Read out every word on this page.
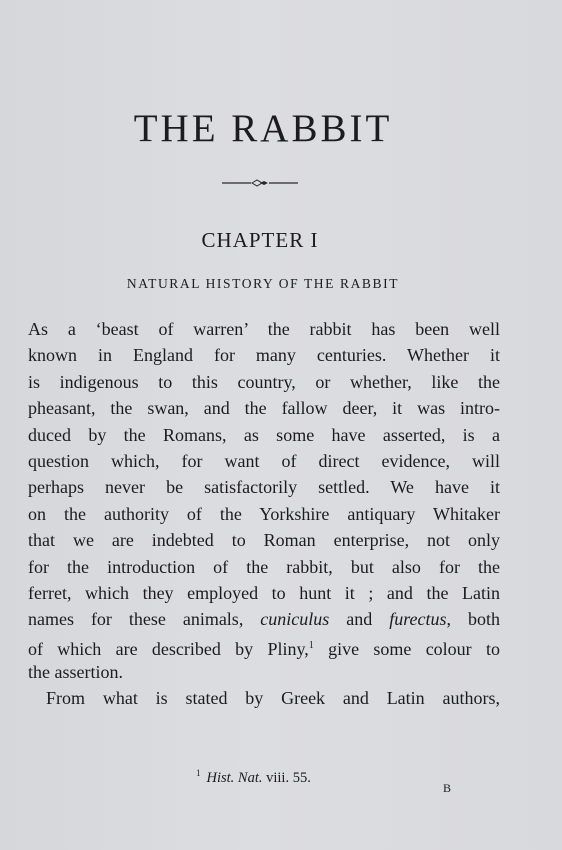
THE RABBIT
CHAPTER I
NATURAL HISTORY OF THE RABBIT
As a ‘beast of warren’ the rabbit has been well
known in England for many centuries. Whether it
is indigenous to this country, or whether, like the
pheasant, the swan, and the fallow deer, it was intro-
duced by the Romans, as some have asserted, is a
question which, for want of direct evidence, will
perhaps never be satisfactorily settled. We have it
on the authority of the Yorkshire antiquary Whitaker
that we are indebted to Roman enterprise, not only
for the introduction of the rabbit, but also for the
ferret, which they employed to hunt it ; and the Latin
names for these animals, cuniculus and furectus, both
of which are described by Pliny,$^1$ give some colour to
the assertion.
From what is stated by Greek and Latin authors,
$^1$ Hist. Nat. viii. 55.
B
